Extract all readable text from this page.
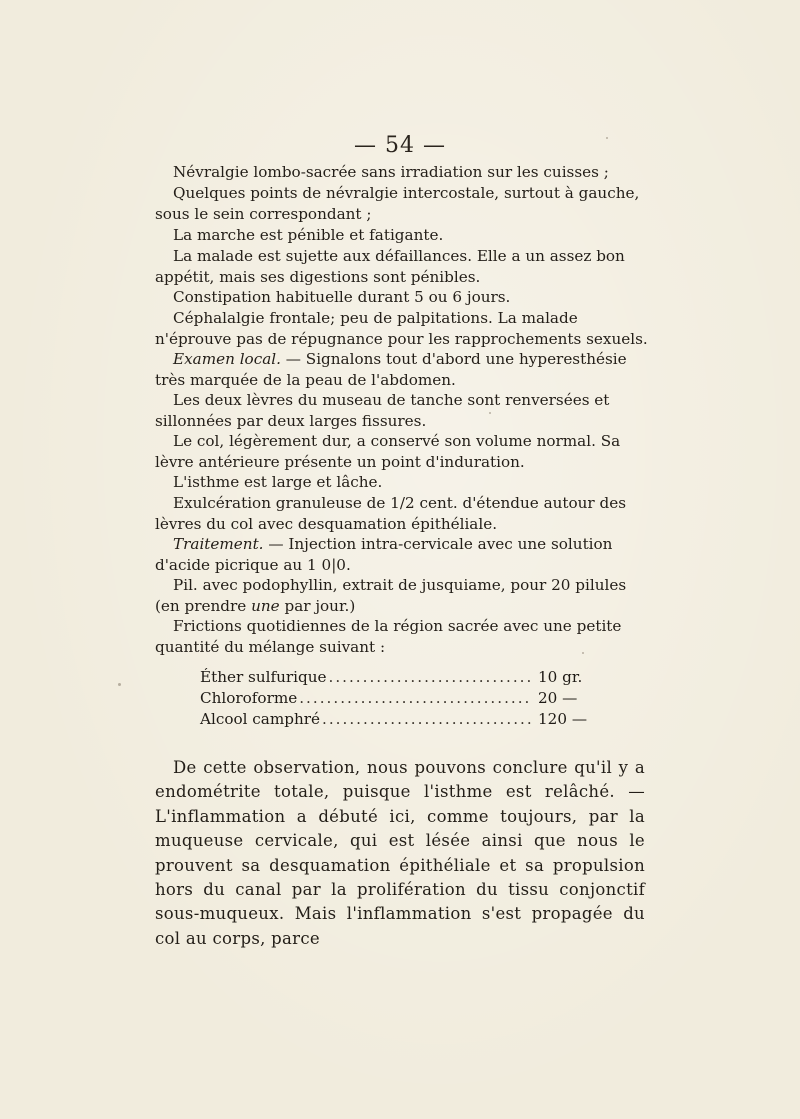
— 54 —

Névralgie lombo-sacrée sans irradiation sur les cuisses ;

Quelques points de névralgie intercostale, surtout à gauche, sous le sein correspondant ;

La marche est pénible et fatigante.

La malade est sujette aux défaillances. Elle a un assez bon appétit, mais ses digestions sont pénibles.

Constipation habituelle durant 5 ou 6 jours.

Céphalalgie frontale; peu de palpitations. La malade n'éprouve pas de répugnance pour les rapprochements sexuels.

Examen local. — Signalons tout d'abord une hyperesthésie très marquée de la peau de l'abdomen.

Les deux lèvres du museau de tanche sont renversées et sillonnées par deux larges fissures.

Le col, légèrement dur, a conservé son volume normal. Sa lèvre antérieure présente un point d'induration.

L'isthme est large et lâche.

Exulcération granuleuse de 1/2 cent. d'étendue autour des lèvres du col avec desquamation épithéliale.

Traitement. — Injection intra-cervicale avec une solution d'acide picrique au 1 0|0.

Pil. avec podophyllin, extrait de jusquiame, pour 20 pilules (en prendre une par jour.)

Frictions quotidiennes de la région sacrée avec une petite quantité du mélange suivant :

Éther sulfurique .....	10 gr.
Chloroforme .....	20 —
Alcool camphré .....	120 —

De cette observation, nous pouvons conclure qu'il y a endométrite totale, puisque l'isthme est relâché. — L'inflammation a débuté ici, comme toujours, par la muqueuse cervicale, qui est lésée ainsi que nous le prouvent sa desquamation épithéliale et sa propulsion hors du canal par la prolifération du tissu conjonctif sous-muqueux. Mais l'inflammation s'est propagée du col au corps, parce
